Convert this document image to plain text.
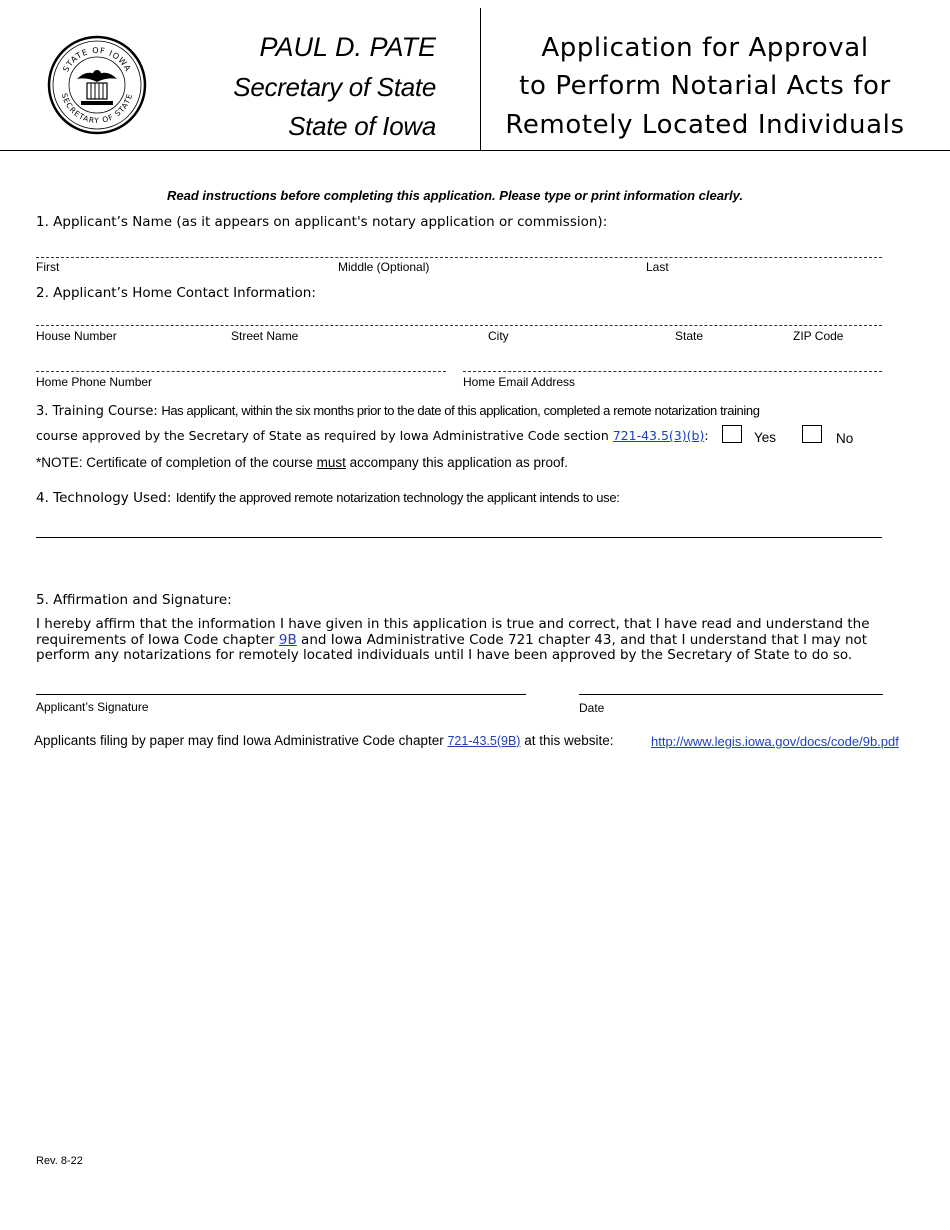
STATE OF IOWA
SECRETARY OF STATE
PAUL D. PATE
Secretary of State
State of Iowa
Application for Approval
to Perform Notarial Acts for
Remotely Located Individuals
Read instructions before completing this application. Please type or print information clearly.
1. Applicant’s Name (as it appears on applicant's notary application or commission):
First	Middle (Optional)	Last
2. Applicant’s Home Contact Information:
House Number	Street Name	City	State	ZIP Code
Home Phone Number	Home Email Address
3. Training Course: Has applicant, within the six months prior to the date of this application, completed a remote notarization training
course approved by the Secretary of State as required by Iowa Administrative Code section 721-43.5(3)(b):	Yes	No
*NOTE: Certificate of completion of the course must accompany this application as proof.
4. Technology Used: Identify the approved remote notarization technology the applicant intends to use:
5. Affirmation and Signature:
I hereby affirm that the information I have given in this application is true and correct, that I have read and understand the requirements of Iowa Code chapter 9B and Iowa Administrative Code 721 chapter 43, and that I understand that I may not perform any notarizations for remotely located individuals until I have been approved by the Secretary of State to do so.
Applicant’s Signature	Date
Applicants filing by paper may find Iowa Administrative Code chapter 721-43.5(9B) at this website:	http://www.legis.iowa.gov/docs/code/9b.pdf
Rev. 8-22
